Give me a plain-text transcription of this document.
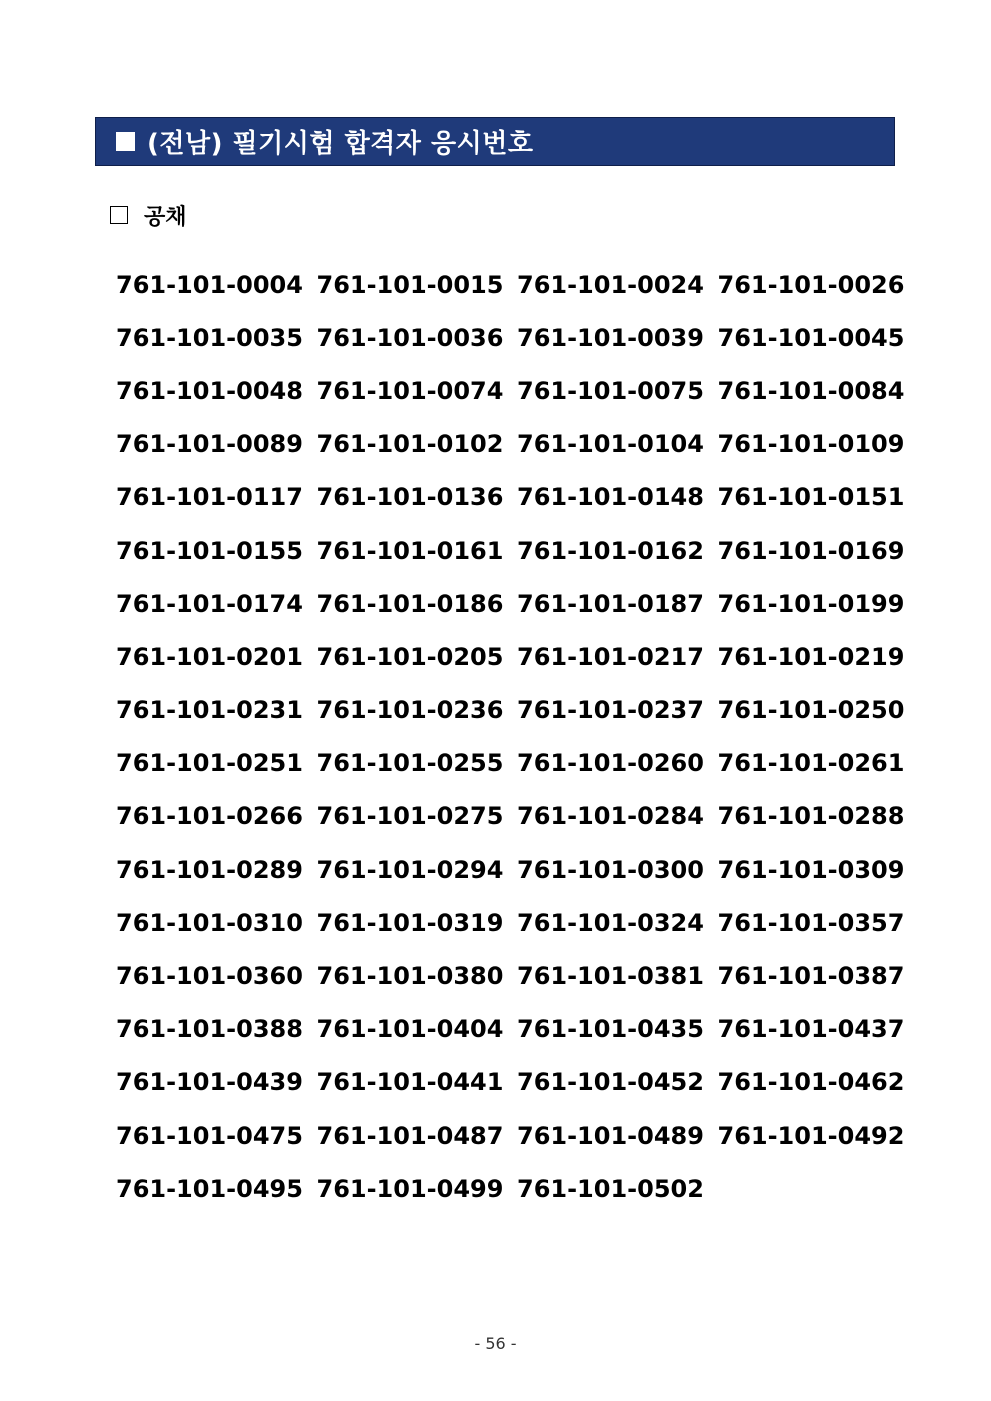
(전남) 필기시험 합격자 응시번호
공채
761-101-0004 761-101-0015 761-101-0024 761-101-0026
761-101-0035 761-101-0036 761-101-0039 761-101-0045
761-101-0048 761-101-0074 761-101-0075 761-101-0084
761-101-0089 761-101-0102 761-101-0104 761-101-0109
761-101-0117 761-101-0136 761-101-0148 761-101-0151
761-101-0155 761-101-0161 761-101-0162 761-101-0169
761-101-0174 761-101-0186 761-101-0187 761-101-0199
761-101-0201 761-101-0205 761-101-0217 761-101-0219
761-101-0231 761-101-0236 761-101-0237 761-101-0250
761-101-0251 761-101-0255 761-101-0260 761-101-0261
761-101-0266 761-101-0275 761-101-0284 761-101-0288
761-101-0289 761-101-0294 761-101-0300 761-101-0309
761-101-0310 761-101-0319 761-101-0324 761-101-0357
761-101-0360 761-101-0380 761-101-0381 761-101-0387
761-101-0388 761-101-0404 761-101-0435 761-101-0437
761-101-0439 761-101-0441 761-101-0452 761-101-0462
761-101-0475 761-101-0487 761-101-0489 761-101-0492
761-101-0495 761-101-0499 761-101-0502
- 56 -
